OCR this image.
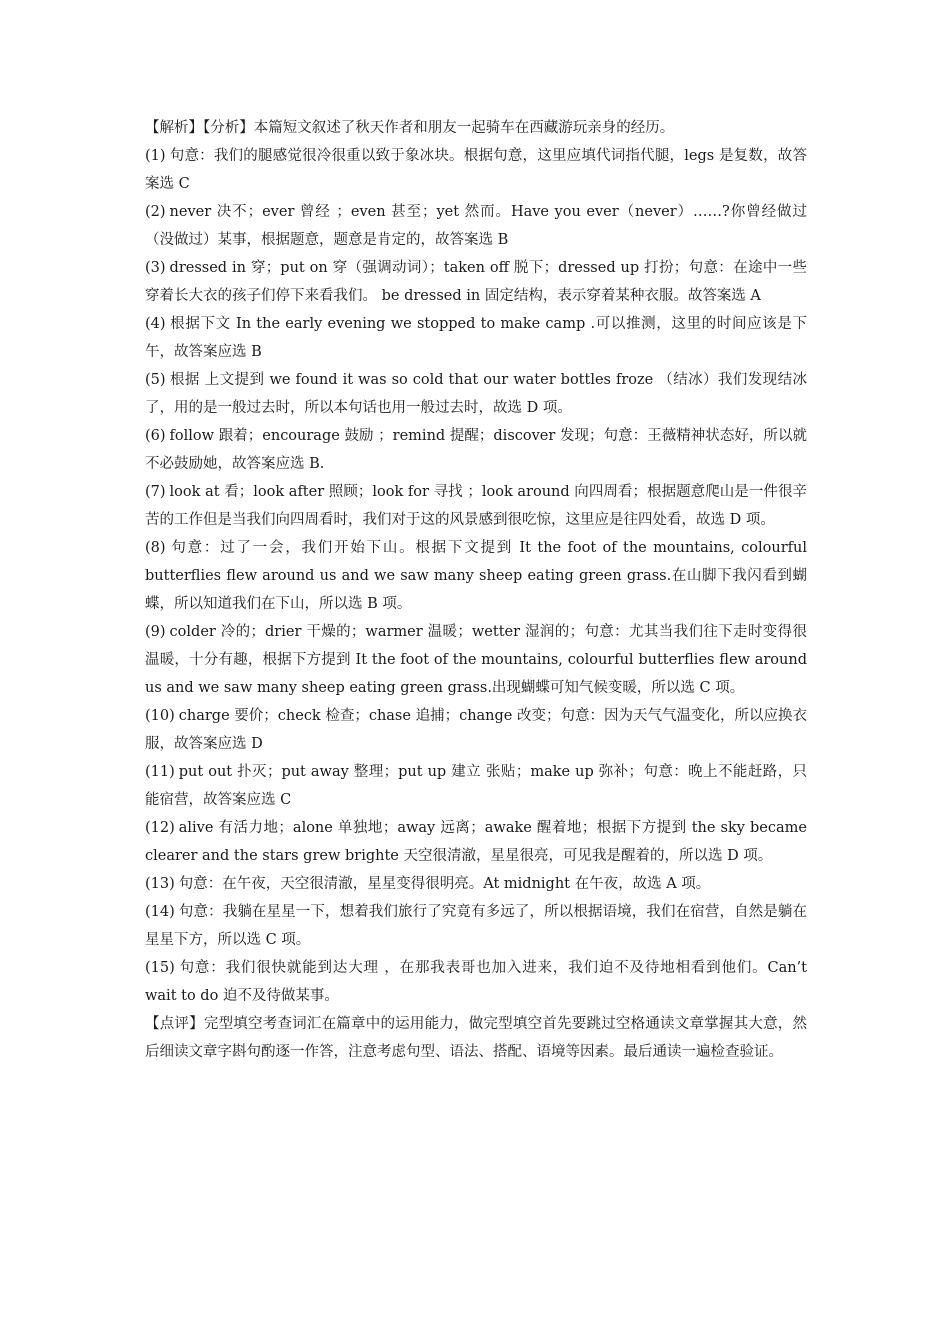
【解析】【分析】本篇短文叙述了秋天作者和朋友一起骑车在西藏游玩亲身的经历。

(1) 句意：我们的腿感觉很冷很重以致于象冰块。根据句意，这里应填代词指代腿，legs 是复数，故答案选 C

(2) never 决不；ever 曾经 ；even 甚至；yet 然而。Have you ever（never）……?你曾经做过（没做过）某事，根据题意，题意是肯定的，故答案选 B

(3) dressed in 穿；put on 穿（强调动词）；taken off 脱下；dressed up 打扮；句意：在途中一些穿着长大衣的孩子们停下来看我们。 be dressed in 固定结构，表示穿着某种衣服。故答案选 A

(4) 根据下文 In the early evening we stopped to make camp .可以推测，这里的时间应该是下午，故答案应选 B

(5) 根据 上文提到 we found it was so cold that our water bottles froze （结冰）我们发现结冰了，用的是一般过去时，所以本句话也用一般过去时，故选 D 项。

(6) follow 跟着；encourage 鼓励 ；remind 提醒；discover 发现；句意：王薇精神状态好，所以就不必鼓励她，故答案应选 B.

(7) look at 看；look after 照顾；look for 寻找 ；look around 向四周看；根据题意爬山是一件很辛苦的工作但是当我们向四周看时，我们对于这的风景感到很吃惊，这里应是往四处看，故选 D 项。

(8) 句意：过了一会，我们开始下山。根据下文提到 It the foot of the mountains, colourful butterflies flew around us and we saw many sheep eating green grass.在山脚下我闪看到蝴蝶，所以知道我们在下山，所以选 B 项。

(9) colder 冷的；drier 干燥的；warmer 温暖；wetter 湿润的；句意：尤其当我们往下走时变得很温暖，十分有趣，根据下方提到 It the foot of the mountains, colourful butterflies flew around us and we saw many sheep eating green grass.出现蝴蝶可知气候变暖，所以选 C 项。

(10) charge 要价；check 检查；chase 追捕；change 改变；句意：因为天气气温变化，所以应换衣服，故答案应选 D

(11) put out 扑灭；put away 整理；put up 建立 张贴；make up 弥补；句意：晚上不能赶路，只能宿营，故答案应选 C

(12) alive 有活力地；alone 单独地；away 远离；awake 醒着地；根据下方提到 the sky became clearer and the stars grew brighte 天空很清澈，星星很亮，可见我是醒着的，所以选 D 项。

(13) 句意：在午夜，天空很清澈，星星变得很明亮。At midnight 在午夜，故选 A 项。

(14) 句意：我躺在星星一下，想着我们旅行了究竟有多远了，所以根据语境，我们在宿营，自然是躺在星星下方，所以选 C 项。

(15) 句意：我们很快就能到达大理 ，在那我表哥也加入进来，我们迫不及待地相看到他们。Can’t wait to do 迫不及待做某事。

【点评】完型填空考查词汇在篇章中的运用能力，做完型填空首先要跳过空格通读文章掌握其大意，然后细读文章字斟句酌逐一作答，注意考虑句型、语法、搭配、语境等因素。最后通读一遍检查验证。
